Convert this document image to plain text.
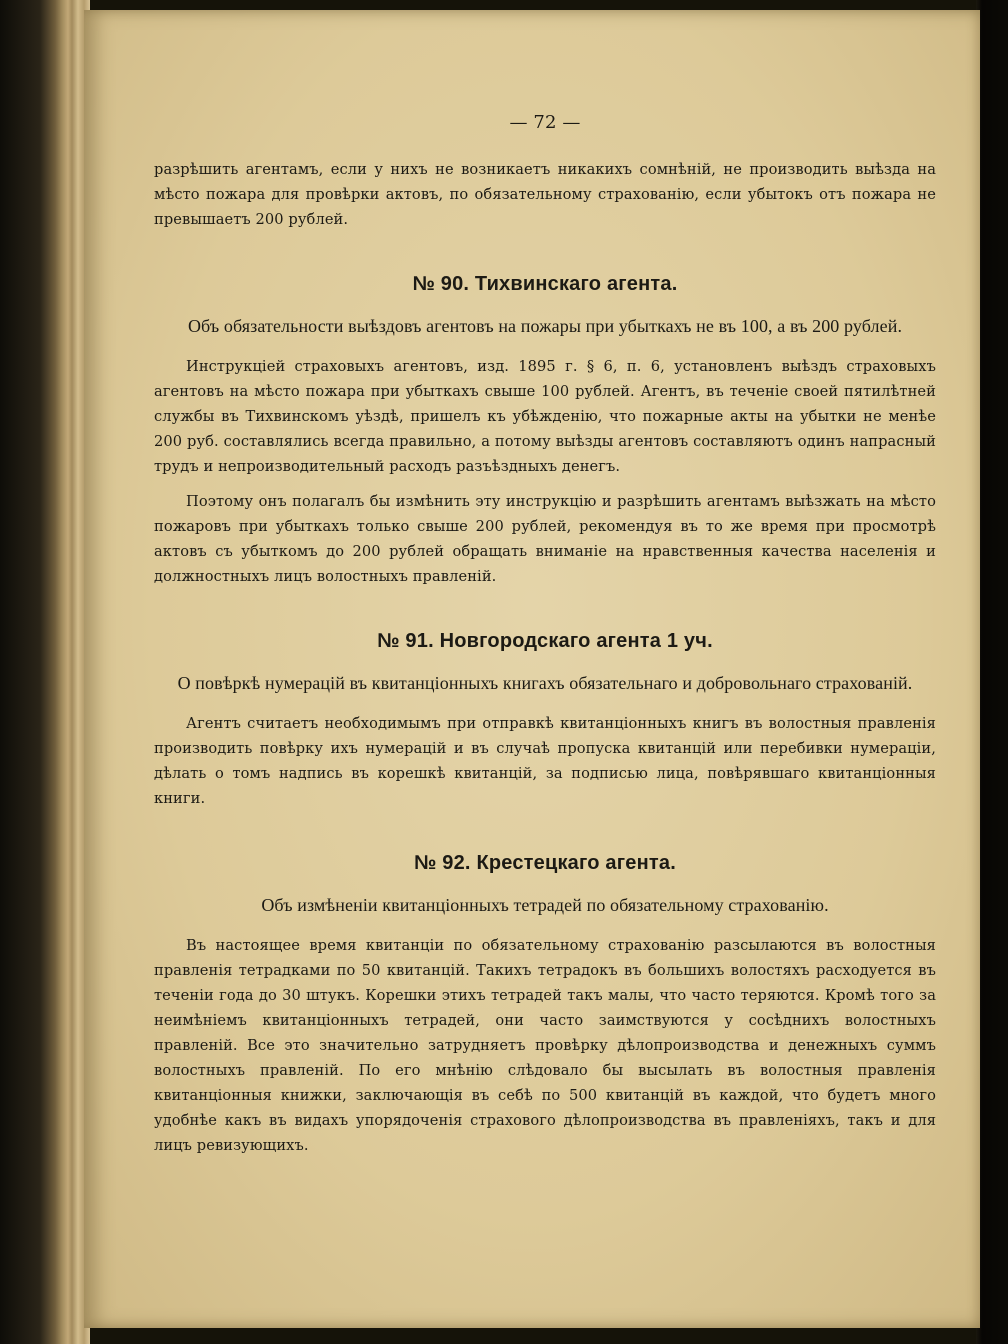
— 72 —

разрѣшить агентамъ, если у нихъ не возникаетъ никакихъ сомнѣній, не производить выѣзда на мѣсто пожара для провѣрки актовъ, по обязательному страхованію, если убытокъ отъ пожара не превышаетъ 200 рублей.

№ 90. Тихвинскаго агента.
Объ обязательности выѣздовъ агентовъ на пожары при убыткахъ не въ 100, а въ 200 рублей.

Инструкціей страховыхъ агентовъ, изд. 1895 г. § 6, п. 6, установленъ выѣздъ страховыхъ агентовъ на мѣсто пожара при убыткахъ свыше 100 рублей. Агентъ, въ теченіе своей пятилѣтней службы въ Тихвинскомъ уѣздѣ, пришелъ къ убѣжденію, что пожарные акты на убытки не менѣе 200 руб. составлялись всегда правильно, а потому выѣзды агентовъ составляютъ одинъ напрасный трудъ и непроизводительный расходъ разъѣздныхъ денегъ.

Поэтому онъ полагалъ бы измѣнить эту инструкцію и разрѣшить агентамъ выѣзжать на мѣсто пожаровъ при убыткахъ только свыше 200 рублей, рекомендуя въ то же время при просмотрѣ актовъ съ убыткомъ до 200 рублей обращать вниманіе на нравственныя качества населенія и должностныхъ лицъ волостныхъ правленій.

№ 91. Новгородскаго агента 1 уч.
О повѣркѣ нумерацій въ квитанціонныхъ книгахъ обязательнаго и добровольнаго страхованій.

Агентъ считаетъ необходимымъ при отправкѣ квитанціонныхъ книгъ въ волостныя правленія производить повѣрку ихъ нумерацій и въ случаѣ пропуска квитанцій или перебивки нумераціи, дѣлать о томъ надпись въ корешкѣ квитанцій, за подписью лица, повѣрявшаго квитанціонныя книги.

№ 92. Крестецкаго агента.
Объ измѣненіи квитанціонныхъ тетрадей по обязательному страхованію.

Въ настоящее время квитанціи по обязательному страхованію разсылаются въ волостныя правленія тетрадками по 50 квитанцій. Такихъ тетрадокъ въ большихъ волостяхъ расходуется въ теченіи года до 30 штукъ. Корешки этихъ тетрадей такъ малы, что часто теряются. Кромѣ того за неимѣніемъ квитанціонныхъ тетрадей, они часто заимствуются у сосѣднихъ волостныхъ правленій. Все это значительно затрудняетъ провѣрку дѣлопроизводства и денежныхъ суммъ волостныхъ правленій. По его мнѣнію слѣдовало бы высылать въ волостныя правленія квитанціонныя книжки, заключающія въ себѣ по 500 квитанцій въ каждой, что будетъ много удобнѣе какъ въ видахъ упорядоченія страхового дѣлопроизводства въ правленіяхъ, такъ и для лицъ ревизующихъ.
